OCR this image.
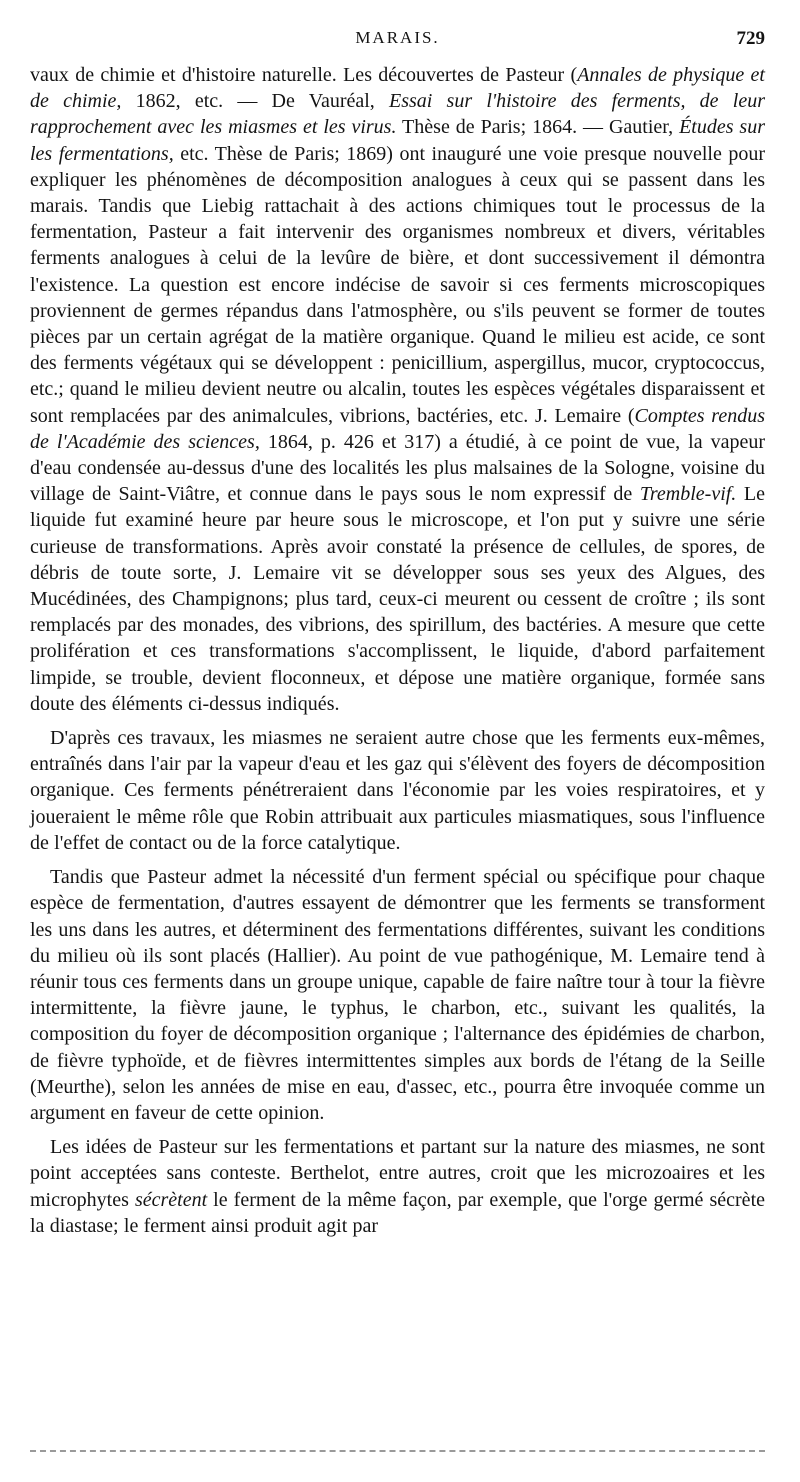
MARAIS.	729

vaux de chimie et d'histoire naturelle. Les découvertes de Pasteur (Annales de physique et de chimie, 1862, etc. — De Vauréal, Essai sur l'histoire des ferments, de leur rapprochement avec les miasmes et les virus. Thèse de Paris; 1864. — Gautier, Études sur les fermentations, etc. Thèse de Paris; 1869) ont inauguré une voie presque nouvelle pour expliquer les phénomènes de décomposition analogues à ceux qui se passent dans les marais. Tandis que Liebig rattachait à des actions chimiques tout le processus de la fermentation, Pasteur a fait intervenir des organismes nombreux et divers, véritables ferments analogues à celui de la levûre de bière, et dont successivement il démontra l'existence. La question est encore indécise de savoir si ces ferments microscopiques proviennent de germes répandus dans l'atmosphère, ou s'ils peuvent se former de toutes pièces par un certain agrégat de la matière organique. Quand le milieu est acide, ce sont des ferments végétaux qui se développent : penicillium, aspergillus, mucor, cryptococcus, etc.; quand le milieu devient neutre ou alcalin, toutes les espèces végétales disparaissent et sont remplacées par des animalcules, vibrions, bactéries, etc. J. Lemaire (Comptes rendus de l'Académie des sciences, 1864, p. 426 et 317) a étudié, à ce point de vue, la vapeur d'eau condensée au-dessus d'une des localités les plus malsaines de la Sologne, voisine du village de Saint-Viâtre, et connue dans le pays sous le nom expressif de Tremble-vif. Le liquide fut examiné heure par heure sous le microscope, et l'on put y suivre une série curieuse de transformations. Après avoir constaté la présence de cellules, de spores, de débris de toute sorte, J. Lemaire vit se développer sous ses yeux des Algues, des Mucédinées, des Champignons; plus tard, ceux-ci meurent ou cessent de croître ; ils sont remplacés par des monades, des vibrions, des spirillum, des bactéries. A mesure que cette prolifération et ces transformations s'accomplissent, le liquide, d'abord parfaitement limpide, se trouble, devient floconneux, et dépose une matière organique, formée sans doute des éléments ci-dessus indiqués.

D'après ces travaux, les miasmes ne seraient autre chose que les ferments eux-mêmes, entraînés dans l'air par la vapeur d'eau et les gaz qui s'élèvent des foyers de décomposition organique. Ces ferments pénétreraient dans l'économie par les voies respiratoires, et y joueraient le même rôle que Robin attribuait aux particules miasmatiques, sous l'influence de l'effet de contact ou de la force catalytique.

Tandis que Pasteur admet la nécessité d'un ferment spécial ou spécifique pour chaque espèce de fermentation, d'autres essayent de démontrer que les ferments se transforment les uns dans les autres, et déterminent des fermentations différentes, suivant les conditions du milieu où ils sont placés (Hallier). Au point de vue pathogénique, M. Lemaire tend à réunir tous ces ferments dans un groupe unique, capable de faire naître tour à tour la fièvre intermittente, la fièvre jaune, le typhus, le charbon, etc., suivant les qualités, la composition du foyer de décomposition organique ; l'alternance des épidémies de charbon, de fièvre typhoïde, et de fièvres intermittentes simples aux bords de l'étang de la Seille (Meurthe), selon les années de mise en eau, d'assec, etc., pourra être invoquée comme un argument en faveur de cette opinion.

Les idées de Pasteur sur les fermentations et partant sur la nature des miasmes, ne sont point acceptées sans conteste. Berthelot, entre autres, croit que les microzoaires et les microphytes sécrètent le ferment de la même façon, par exemple, que l'orge germé sécrète la diastase; le ferment ainsi produit agit par
